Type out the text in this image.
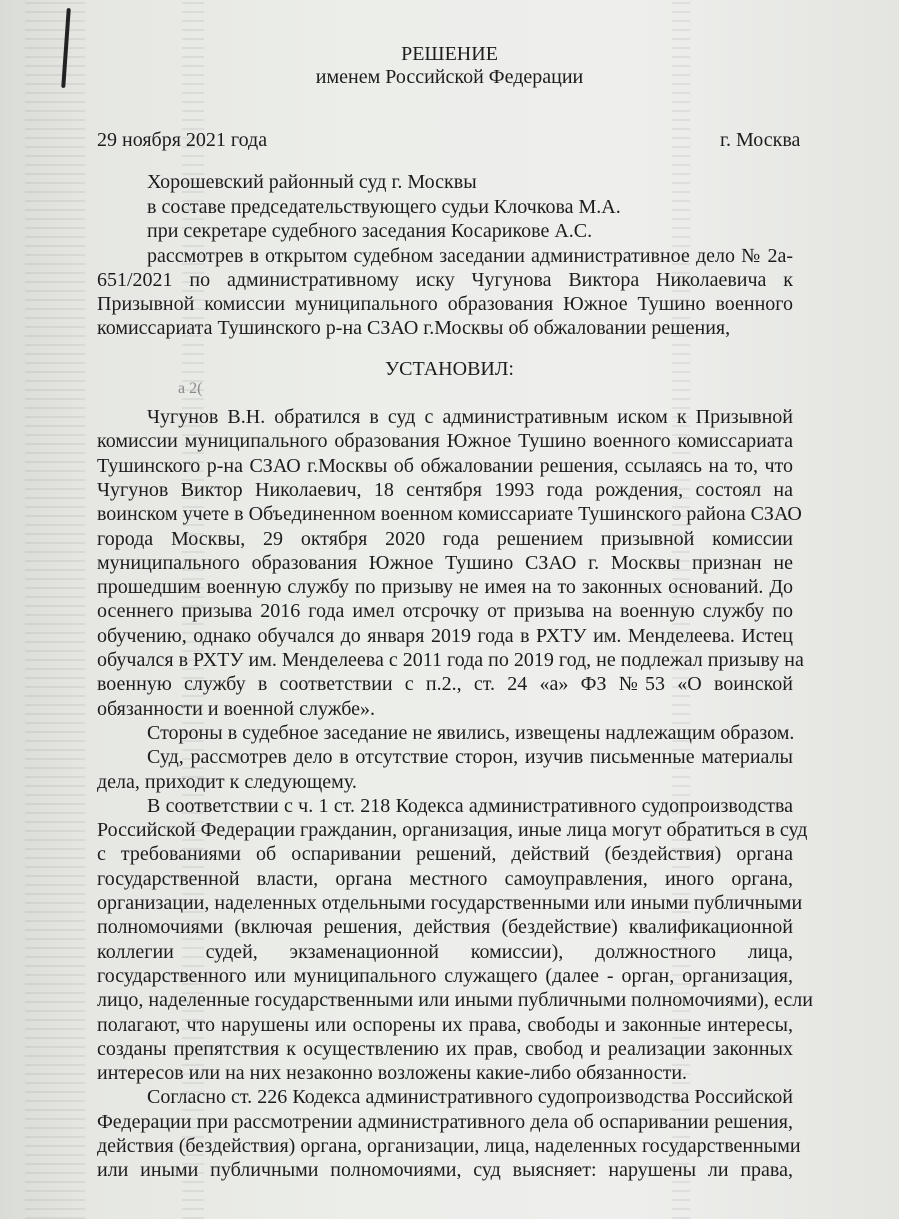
РЕШЕНИЕ
именем Российской Федерации
29 ноября 2021 года	г. Москва
Хорошевский районный суд г. Москвы
в составе председательствующего судьи Клочкова М.А.
при секретаре судебного заседания Косарикове А.С.
рассмотрев в открытом судебном заседании административное дело № 2а-
651/2021 по административному иску Чугунова Виктора Николаевича к
Призывной комиссии муниципального образования Южное Тушино военного
комиссариата Тушинского р-на СЗАО г.Москвы об обжаловании решения,
УСТАНОВИЛ:
а 2(
Чугунов В.Н. обратился в суд с административным иском к Призывной
комиссии муниципального образования Южное Тушино военного комиссариата
Тушинского р-на СЗАО г.Москвы об обжаловании решения, ссылаясь на то, что
Чугунов Виктор Николаевич, 18 сентября 1993 года рождения, состоял на
воинском учете в Объединенном военном комиссариате Тушинского района СЗАО
города Москвы, 29 октября 2020 года решением призывной комиссии
муниципального образования Южное Тушино СЗАО г. Москвы признан не
прошедшим военную службу по призыву не имея на то законных оснований. До
осеннего призыва 2016 года имел отсрочку от призыва на военную службу по
обучению, однако обучался до января 2019 года в РХТУ им. Менделеева. Истец
обучался в РХТУ им. Менделеева с 2011 года по 2019 год, не подлежал призыву на
военную службу в соответствии с п.2., ст. 24 «а» ФЗ №53 «О воинской
обязанности и военной службе».
Стороны в судебное заседание не явились, извещены надлежащим образом.
Суд, рассмотрев дело в отсутствие сторон, изучив письменные материалы
дела, приходит к следующему.
В соответствии с ч. 1 ст. 218 Кодекса административного судопроизводства
Российской Федерации гражданин, организация, иные лица могут обратиться в суд
с требованиями об оспаривании решений, действий (бездействия) органа
государственной власти, органа местного самоуправления, иного органа,
организации, наделенных отдельными государственными или иными публичными
полномочиями (включая решения, действия (бездействие) квалификационной
коллегии судей, экзаменационной комиссии), должностного лица,
государственного или муниципального служащего (далее - орган, организация,
лицо, наделенные государственными или иными публичными полномочиями), если
полагают, что нарушены или оспорены их права, свободы и законные интересы,
созданы препятствия к осуществлению их прав, свобод и реализации законных
интересов или на них незаконно возложены какие-либо обязанности.
Согласно ст. 226 Кодекса административного судопроизводства Российской
Федерации при рассмотрении административного дела об оспаривании решения,
действия (бездействия) органа, организации, лица, наделенных государственными
или иными публичными полномочиями, суд выясняет: нарушены ли права,
